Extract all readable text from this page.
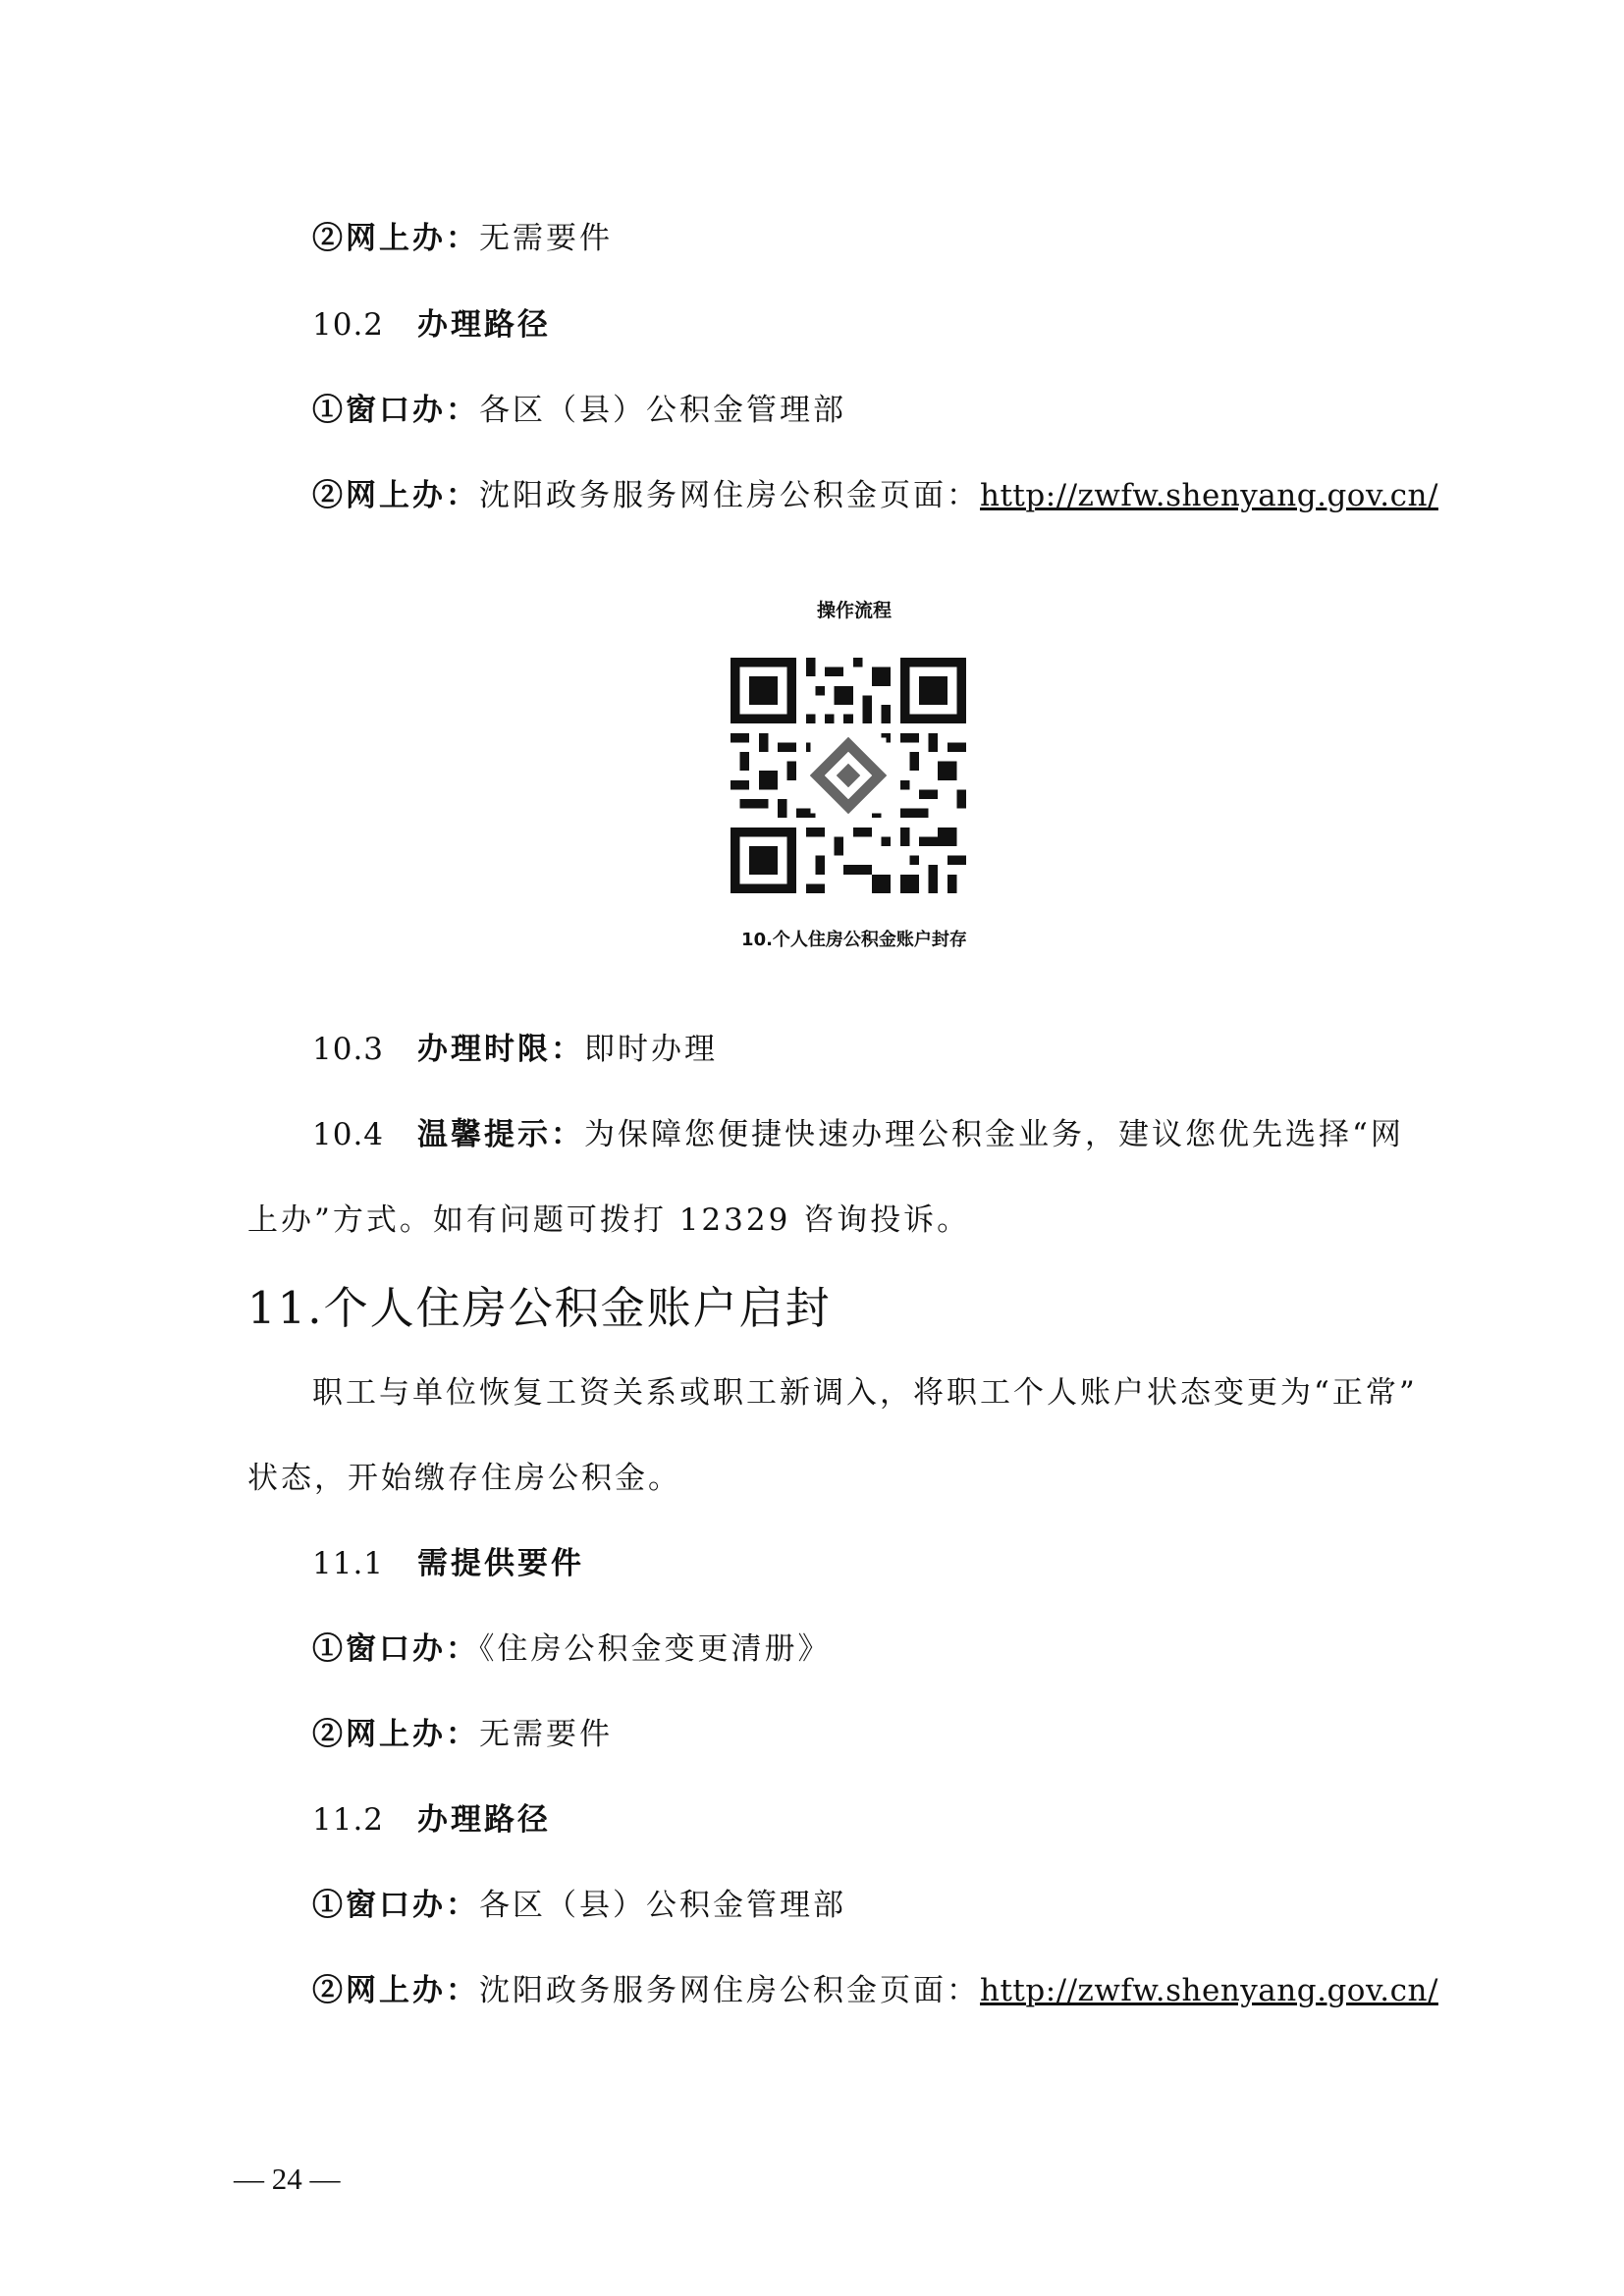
②网上办：无需要件
10.2 办理路径
①窗口办：各区（县）公积金管理部
②网上办：沈阳政务服务网住房公积金页面：http://zwfw.shenyang.gov.cn/
操作流程
10.个人住房公积金账户封存
10.3 办理时限：即时办理
10.4 温馨提示：为保障您便捷快速办理公积金业务，建议您优先选择“网
上办”方式。如有问题可拨打 12329 咨询投诉。
11.个人住房公积金账户启封
职工与单位恢复工资关系或职工新调入，将职工个人账户状态变更为“正常”
状态，开始缴存住房公积金。
11.1 需提供要件
①窗口办：《住房公积金变更清册》
②网上办：无需要件
11.2 办理路径
①窗口办：各区（县）公积金管理部
②网上办：沈阳政务服务网住房公积金页面：http://zwfw.shenyang.gov.cn/
— 24 —
